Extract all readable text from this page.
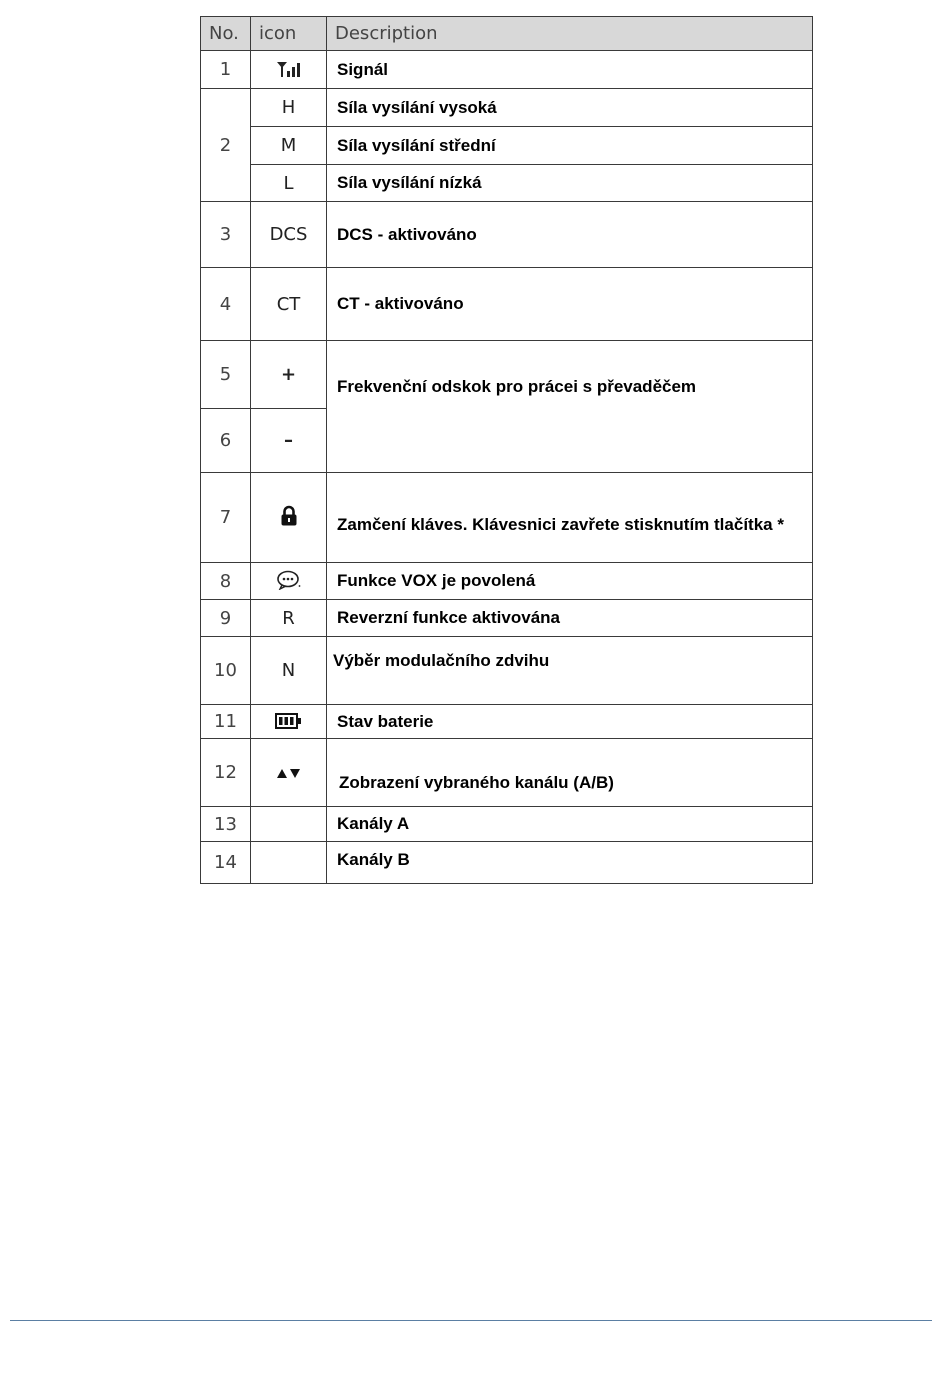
No.	icon	Description
1		Signál
2	H	Síla vysílání vysoká
	M	Síla vysílání střední
	L	Síla vysílání nízká
3	DCS	DCS - aktivováno
4	CT	CT - aktivováno
5	+	Frekvenční odskok pro prácei s převaděčem
6	–	
7		Zamčení kláves. Klávesnici zavřete stisknutím tlačítka *
8		Funkce VOX je povolená
9	R	Reverzní funkce aktivována
10	N	Výběr modulačního zdvihu
11		Stav baterie
12		Zobrazení vybraného kanálu (A/B)
13		Kanály A
14		Kanály B
